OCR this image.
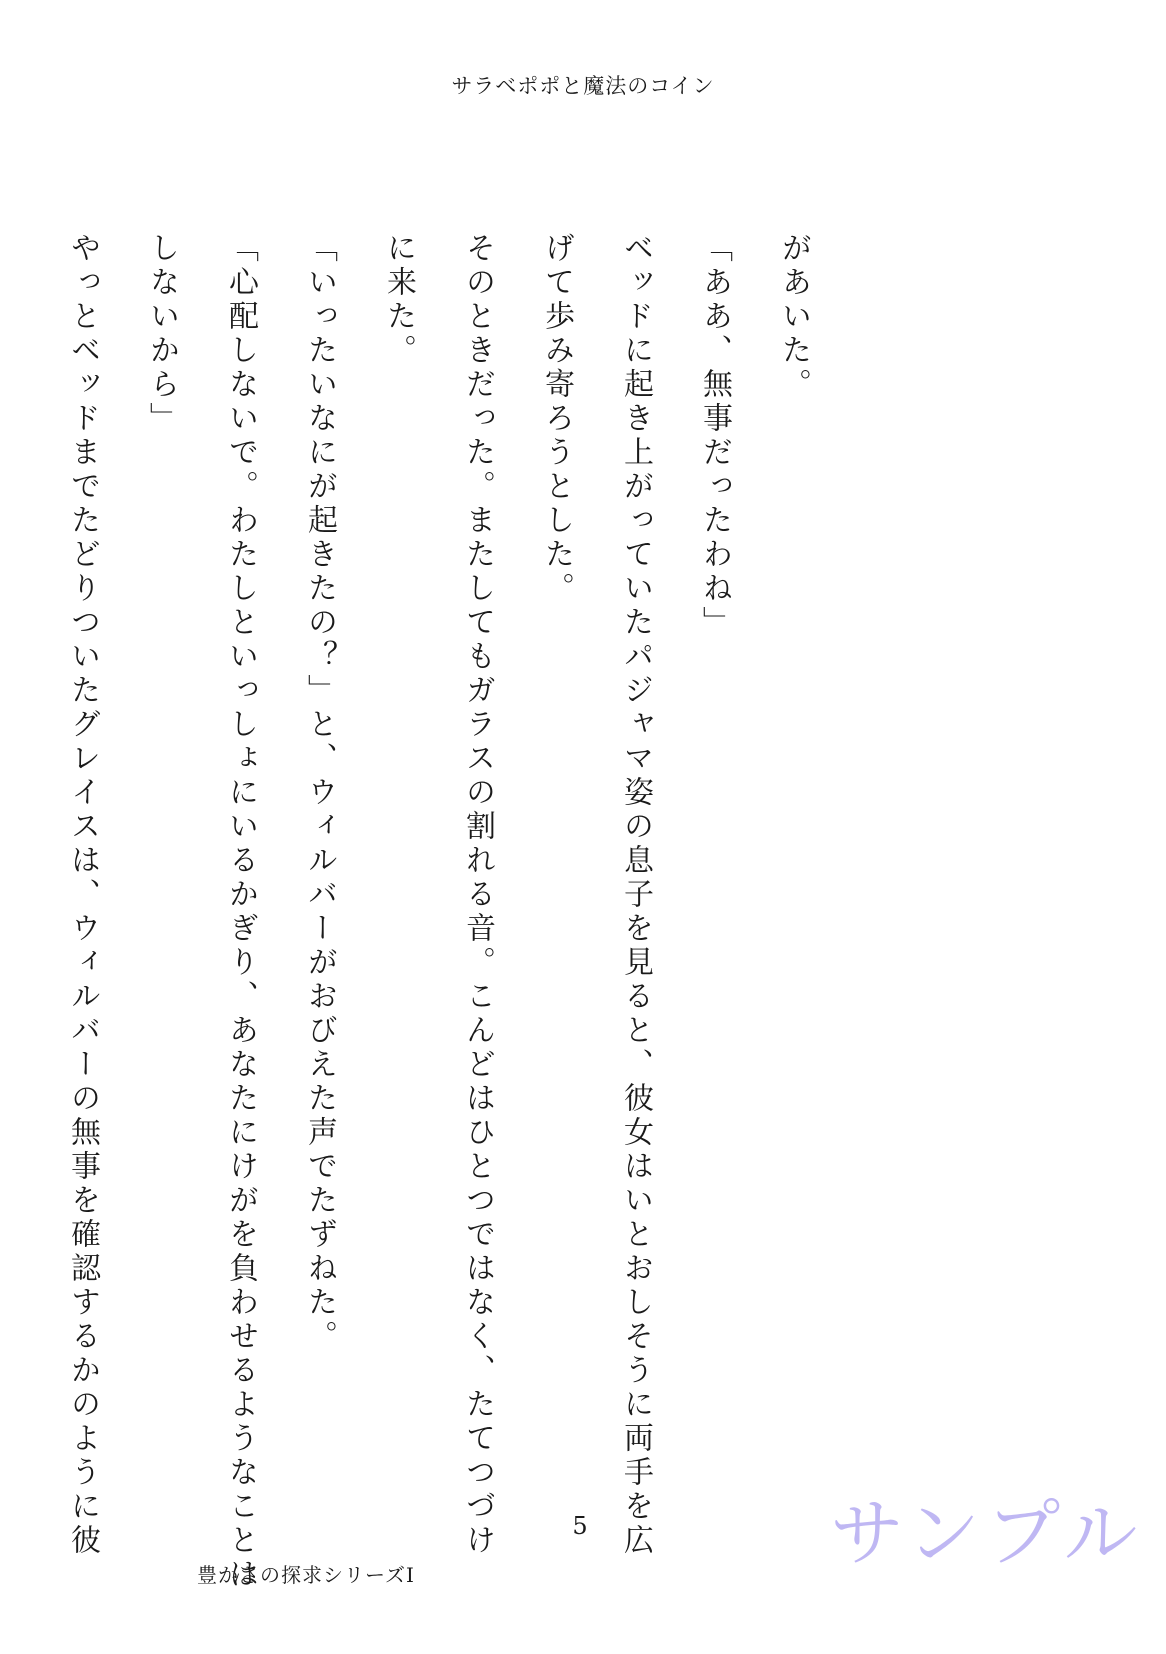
サラベポポと魔法のコイン

があいた。

「ああ、無事だったわね」

ベッドに起き上がっていたパジャマ姿の息子を見ると、彼女はいとおしそうに両手を広

げて歩み寄ろうとした。

そのときだった。またしてもガラスの割れる音。こんどはひとつではなく、たてつづけ

に来た。

「いったいなにが起きたの？」と、ウィルバーがおびえた声でたずねた。

「心配しないで。わたしといっしょにいるかぎり、あなたにけがを負わせるようなことは

しないから」

やっとベッドまでたどりついたグレイスは、ウィルバーの無事を確認するかのように彼	5
豊かさの探求シリーズⅠ	サンプル
